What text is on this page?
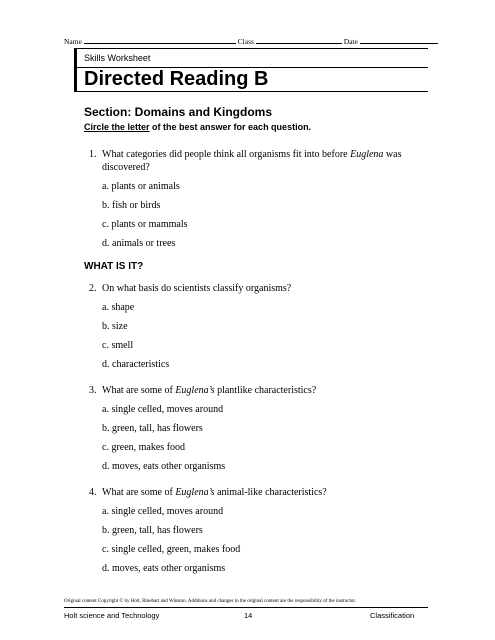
Name	Class	Date
Skills Worksheet
Directed Reading B
Section: Domains and Kingdoms
Circle the letter of the best answer for each question.
1. What categories did people think all organisms fit into before Euglena was
discovered?
a. plants or animals
b. fish or birds
c. plants or mammals
d. animals or trees
WHAT IS IT?
2. On what basis do scientists classify organisms?
a. shape
b. size
c. smell
d. characteristics
3. What are some of Euglena’s plantlike characteristics?
a. single celled, moves around
b. green, tall, has flowers
c. green, makes food
d. moves, eats other organisms
4. What are some of Euglena’s animal-like characteristics?
a. single celled, moves around
b. green, tall, has flowers
c. single celled, green, makes food
d. moves, eats other organisms
Original content Copyright © by Holt, Rinehart and Winston. Additions and changes to the original content are the responsibility of the instructor.
Holt science and Technology	14	Classification
